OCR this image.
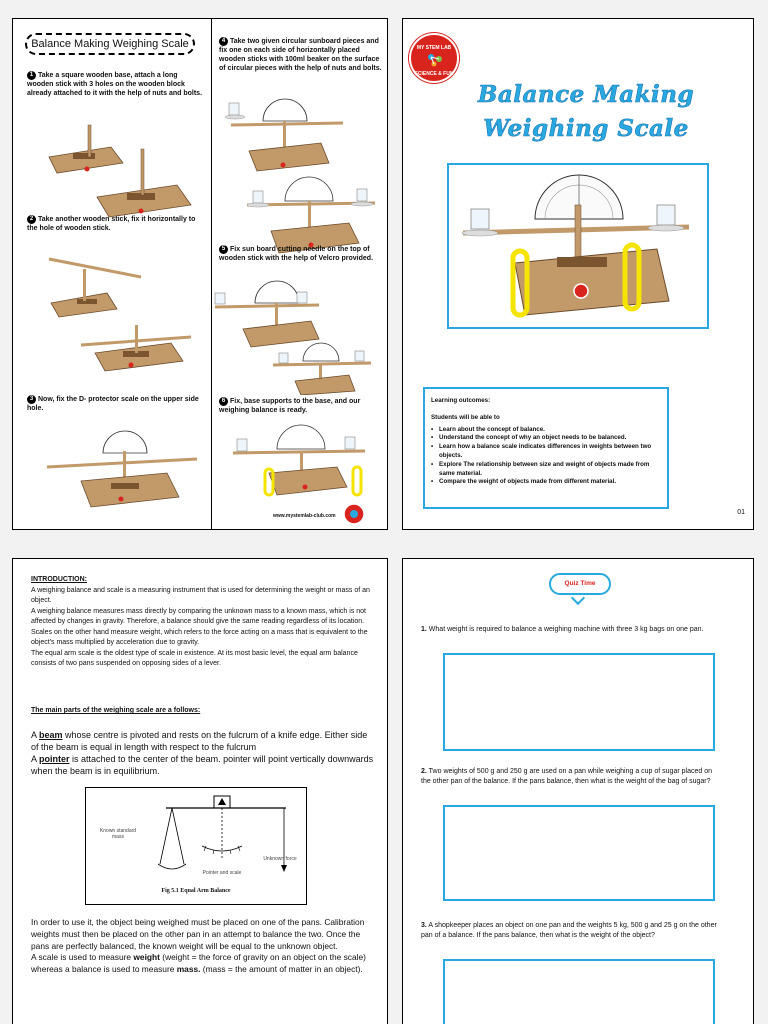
Balance Making Weighing Scale
1 Take a square wooden base, attach a long wooden stick with 3 holes on the wooden block already attached to it with the help of nuts and bolts.
2 Take another wooden stick, fix it horizontally to the hole of wooden stick.
3 Now, fix the D- protector scale on the upper side hole.
4 Take two given circular sunboard pieces and fix one on each side of horizontally placed wooden sticks with 100ml beaker on the surface of circular pieces with the help of nuts and bolts.
5 Fix sun board cutting needle on the top of wooden stick with the help of Velcro provided.
6 Fix, base supports to the base, and our weighing balance is ready.
www.mystemlab-club.com
MY STEM LAB
SCIENCE & FUN
Balance Making
Weighing Scale
Learning outcomes:
Students will be able to
• Learn about the concept of balance.
• Understand the concept of why an object needs to be balanced.
• Learn how a balance scale indicates differences in weights between two objects.
• Explore The relationship between size and weight of objects made from same material.
• Compare the weight of objects made from different material.
01
INTRODUCTION:
A weighing balance and scale is a measuring instrument that is used for determining the weight or mass of an object.
A weighing balance measures mass directly by comparing the unknown mass to a known mass, which is not affected by changes in gravity. Therefore, a balance should give the same reading regardless of its location.
Scales on the other hand measure weight, which refers to the force acting on a mass that is equivalent to the object's mass multiplied by acceleration due to gravity.
The equal arm scale is the oldest type of scale in existence. At its most basic level, the equal arm balance consists of two pans suspended on opposing sides of a lever.
The main parts of the weighing scale are a follows:
A beam whose centre is pivoted and rests on the fulcrum of a knife edge. Either side of the beam is equal in length with respect to the fulcrum
A pointer is attached to the center of the beam. pointer will point vertically downwards when the beam is in equilibrium.
Known standard mass
Pointer and scale
Unknown force
Fig 5.1 Equal Arm Balance
In order to use it, the object being weighed must be placed on one of the pans. Calibration weights must then be placed on the other pan in an attempt to balance the two. Once the pans are perfectly balanced, the known weight will be equal to the unknown object.
A scale is used to measure weight (weight = the force of gravity on an object on the scale) whereas a balance is used to measure mass. (mass = the amount of matter in an object).
Quiz Time
1. What weight is required to balance a weighing machine with three 3 kg bags on one pan.
2. Two weights of 500 g and 250 g are used on a pan while weighing a cup of sugar placed on the other pan of the balance. If the pans balance, then what is the weight of the bag of sugar?
3. A shopkeeper places an object on one pan and the weights 5 kg, 500 g and 25 g on the other pan of a balance. If the pans balance, then what is the weight of the object?
